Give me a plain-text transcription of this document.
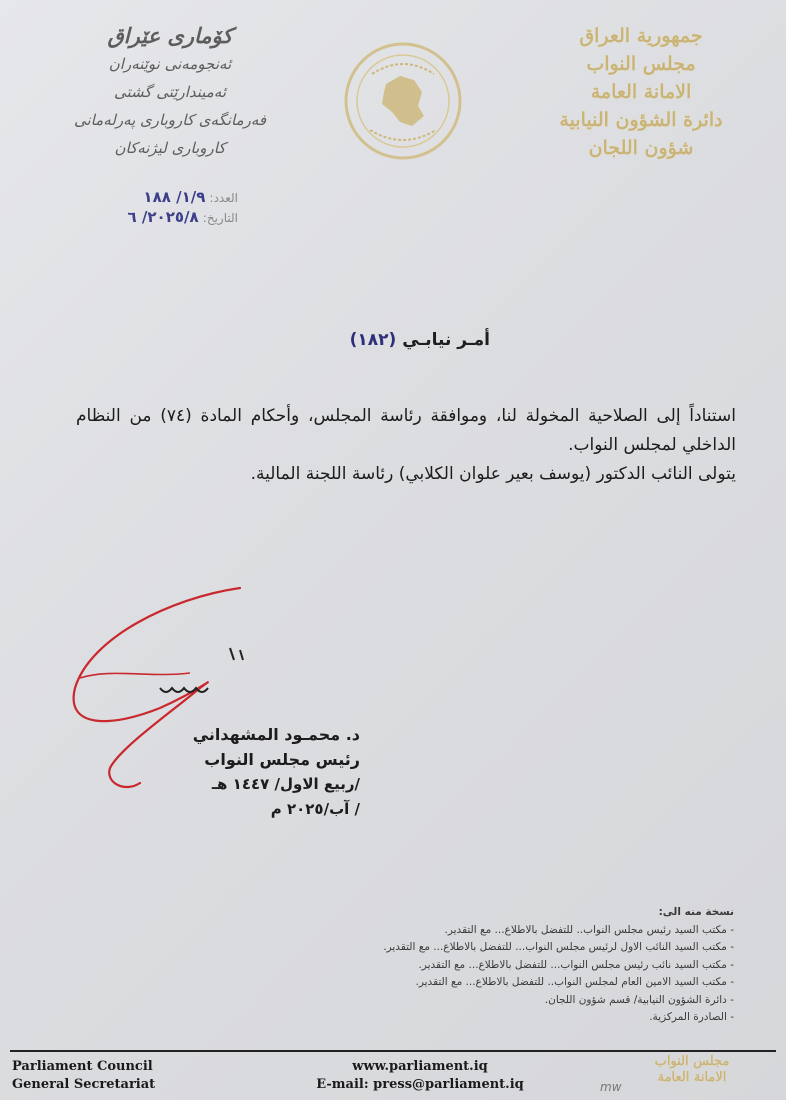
جمهورية العراق
مجلس النواب
الامانة العامة
دائرة الشؤون النيابية
شؤون اللجان
كۆماری عێراق
ئەنجومەنی نوێنەران
ئەمیندارێتی گشتی
فەرمانگەی كاروباری پەرلەمانی
كاروباری لیژنەكان
العدد: ١/٩/ ١٨٨
التاريخ: ٢٠٢٥/٨/ ٦
أمـر نيابـي (١٨٢)

استناداً إلى الصلاحية المخولة لنا، وموافقة رئاسة المجلس، وأحكام المادة (٧٤) من النظام الداخلي لمجلس النواب.

يتولى النائب الدكتور (يوسف بعير علوان الكلابي) رئاسة اللجنة المالية.

د. محمـود المشهداني
رئيس مجلس النواب
/ربيع الاول/ ١٤٤٧ هـ
/ آب/٢٠٢٥ م
نسخة منه الى:
- مكتب السيد رئيس مجلس النواب.. للتفضل بالاطلاع... مع التقدير.
- مكتب السيد النائب الاول لرئيس مجلس النواب... للتفضل بالاطلاع... مع التقدير.
- مكتب السيد نائب رئيس مجلس النواب... للتفضل بالاطلاع... مع التقدير.
- مكتب السيد الامين العام لمجلس النواب.. للتفضل بالاطلاع... مع التقدير.
- دائرة الشؤون النيابية/ قسم شؤون اللجان.
- الصادرة المركزية.
Parliament Council
General Secretariat
www.parliament.iq
E-mail: press@parliament.iq	mw
مجلس النواب
الامانة العامة
